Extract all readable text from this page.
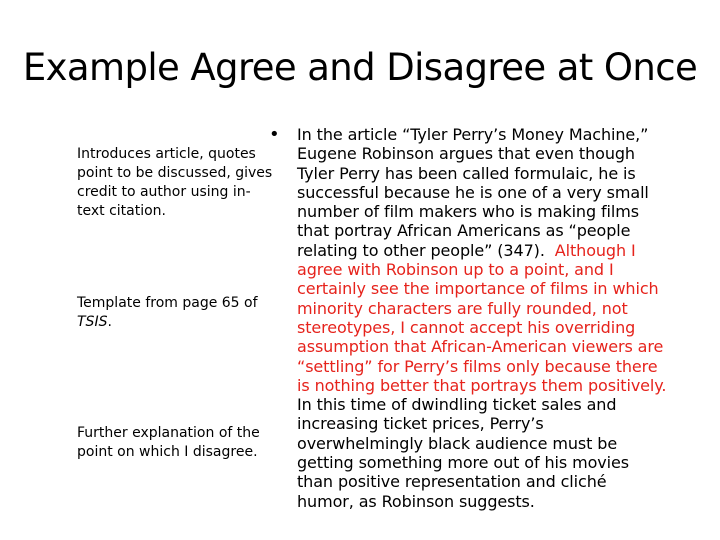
Example Agree and Disagree at Once
Introduces article, quotes
point to be discussed, gives
credit to author using in-
text citation.
Template from page 65 of
TSIS.
Further explanation of the
point on which I disagree.
• In the article “Tyler Perry’s Money Machine,”
Eugene Robinson argues that even though
Tyler Perry has been called formulaic, he is
successful because he is one of a very small
number of film makers who is making films
that portray African Americans as “people
relating to other people” (347). Although I
agree with Robinson up to a point, and I
certainly see the importance of films in which
minority characters are fully rounded, not
stereotypes, I cannot accept his overriding
assumption that African-American viewers are
“settling” for Perry’s films only because there
is nothing better that portrays them positively.
In this time of dwindling ticket sales and
increasing ticket prices, Perry’s
overwhelmingly black audience must be
getting something more out of his movies
than positive representation and cliché
humor, as Robinson suggests.
